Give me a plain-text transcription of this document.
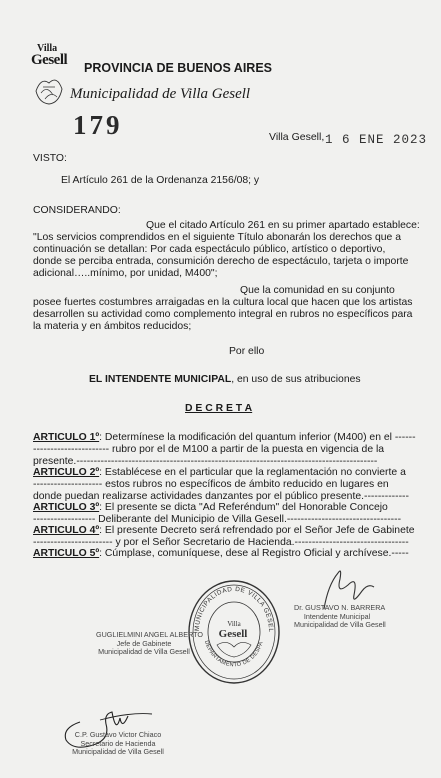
Villa
Gesell PROVINCIA DE BUENOS AIRES
Municipalidad de Villa Gesell
179	Villa Gesell, 1 6 ENE 2023
VISTO:
El Artículo 261 de la Ordenanza 2156/08; y
CONSIDERANDO:
Que el citado Artículo 261 en su primer apartado establece:
"Los servicios comprendidos en el siguiente Título abonarán los derechos que a
continuación se detallan: Por cada espectáculo público, artístico o deportivo,
donde se perciba entrada, consumición derecho de espectáculo, tarjeta o importe
adicional…..mínimo, por unidad, M400";
Que la comunidad en su conjunto
posee fuertes costumbres arraigadas en la cultura local que hacen que los artistas
desarrollen su actividad como complemento integral en rubros no específicos para
la materia y en ámbitos reducidos;
Por ello
EL INTENDENTE MUNICIPAL, en uso de sus atribuciones
D E C R E T A
ARTICULO 1º: Determínese la modificación del quantum inferior (M400) en el ------
---------------------- rubro por el de M100 a partir de la puesta en vigencia de la
presente.---------------------------------------------------------------------------------------
ARTICULO 2º: Establécese en el particular que la reglamentación no convierte a
-------------------- estos rubros no específicos de ámbito reducido en lugares en
donde puedan realizarse actividades danzantes por el público presente.-------------
ARTICULO 3º: El presente se dicta "Ad Referéndum" del Honorable Concejo
------------------ Deliberante del Municipio de Villa Gesell.---------------------------------
ARTICULO 4º: El presente Decreto será refrendado por el Señor Jefe de Gabinete
----------------------- y por el Señor Secretario de Hacienda.---------------------------------
ARTICULO 5º: Cúmplase, comuníquese, dese al Registro Oficial y archívese.-----
MUNICIPALIDAD DE VILLA GESEL
DEPARTAMENTO DE DESPA
Villa
Gesell
Dr. GUSTAVO N. BARRERA
Intendente Municipal
Municipalidad de Villa Gesell
GUGLIELMINI ANGEL ALBERTO
Jefe de Gabinete
Municipalidad de Villa Gesell
C.P. Gustavo Victor Chiaco
Secretario de Hacienda
Municipalidad de Villa Gesell
